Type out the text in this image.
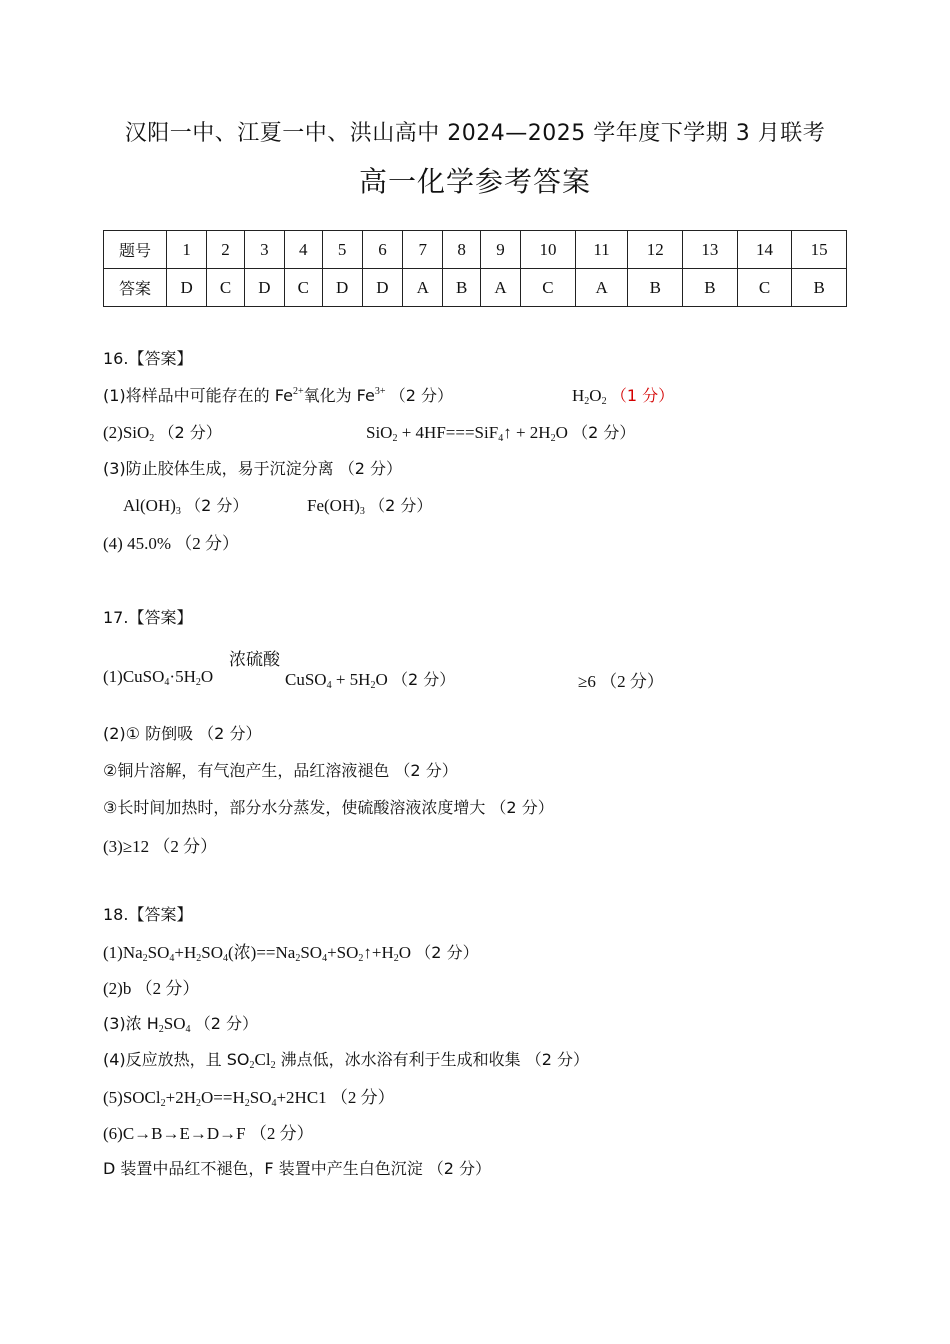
汉阳一中、江夏一中、洪山高中 2024—2025 学年度下学期 3 月联考
高一化学参考答案
题号	1	2	3	4	5	6	7	8	9	10	11	12	13	14	15
答案	D	C	D	C	D	D	A	B	A	C	A	B	B	C	B
16.【答案】
(1)将样品中可能存在的 $Fe^{2+}$氧化为 $Fe^{3+}$ （2 分）	$H_2O_2$ （1 分）
(2)SiO$_2$ （2 分）	SiO$_2$ + 4HF===SiF$_4$↑ + $2H_2O$ （2 分）
(3)防止胶体生成，易于沉淀分离 （2 分）
$Al(OH)_3$ （2 分）	$Fe(OH)_3$ （2 分）
(4) 45.0% （2 分）
17.【答案】
浓硫酸
$(1)CuSO_4\cdot 5H_2O$	CuSO$_4$ + $5H_2O$ （2 分）	≥6 （2 分）
(2)① 防倒吸 （2 分）
②铜片溶解，有气泡产生，品红溶液褪色 （2 分）
③长时间加热时，部分水分蒸发，使硫酸溶液浓度增大 （2 分）
(3)≥12 （2 分）
18.【答案】
$(1)Na_2SO_4+H_2SO_4$(浓)$==Na_2SO_4+SO_2↑+H_2O$ （2 分）
(2)b （2 分）
(3)浓 $H_2SO_4$ （2 分）
(4)反应放热，且 $SO_2Cl_2$ 沸点低，冰水浴有利于生成和收集 （2 分）
$(5)SOCl_2+2H_2O==H_2SO_4+2HC1$ （2 分）
(6)C→B→E→D→F （2 分）
D 装置中品红不褪色，F 装置中产生白色沉淀 （2 分）
